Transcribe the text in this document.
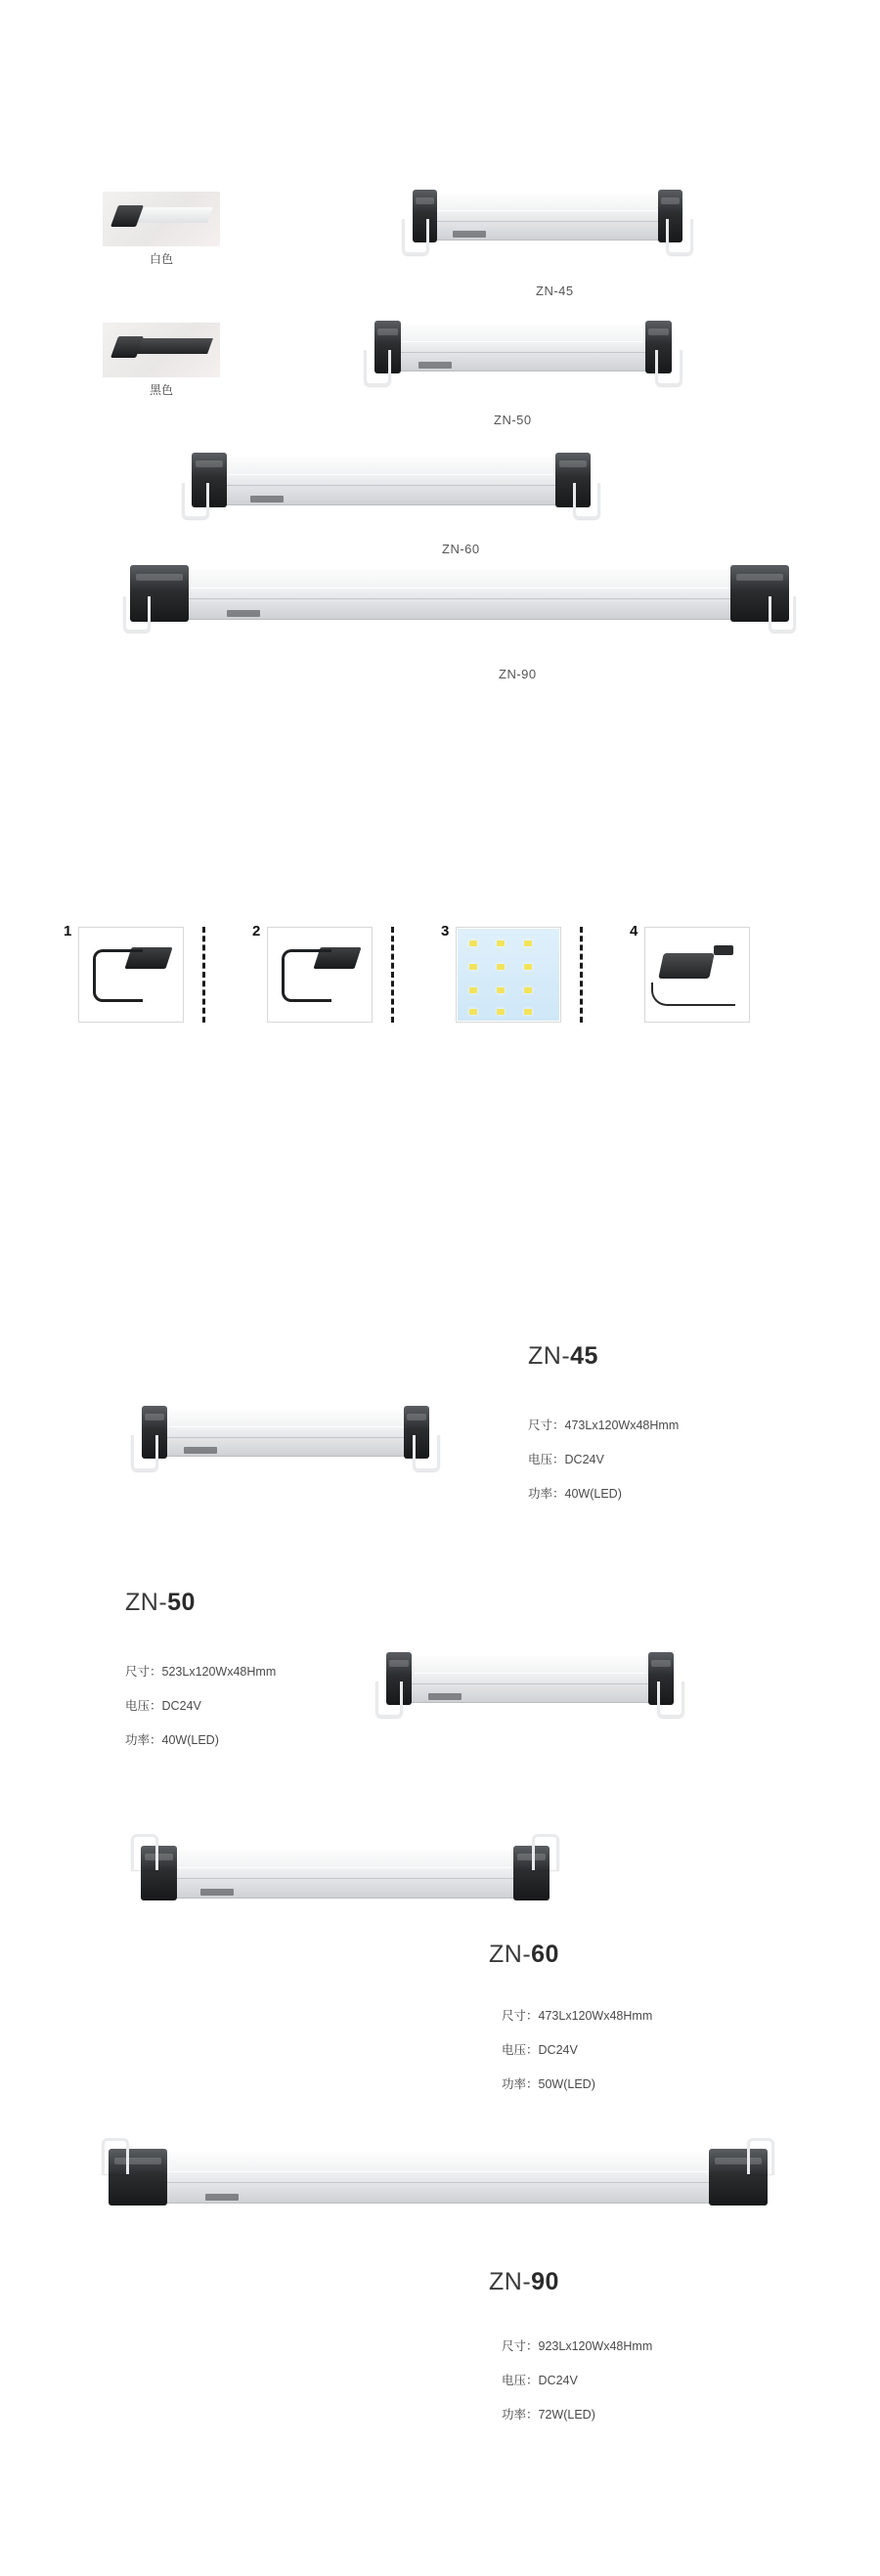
白色
黑色
ZN-45
ZN-50
ZN-60
ZN-90
1	2	3	4
ZN-45
尺寸：473Lx120Wx48Hmm
电压：DC24V
功率：40W(LED)
ZN-50
尺寸：523Lx120Wx48Hmm
电压：DC24V
功率：40W(LED)
ZN-60
尺寸：473Lx120Wx48Hmm
电压：DC24V
功率：50W(LED)
ZN-90
尺寸：923Lx120Wx48Hmm
电压：DC24V
功率：72W(LED)
